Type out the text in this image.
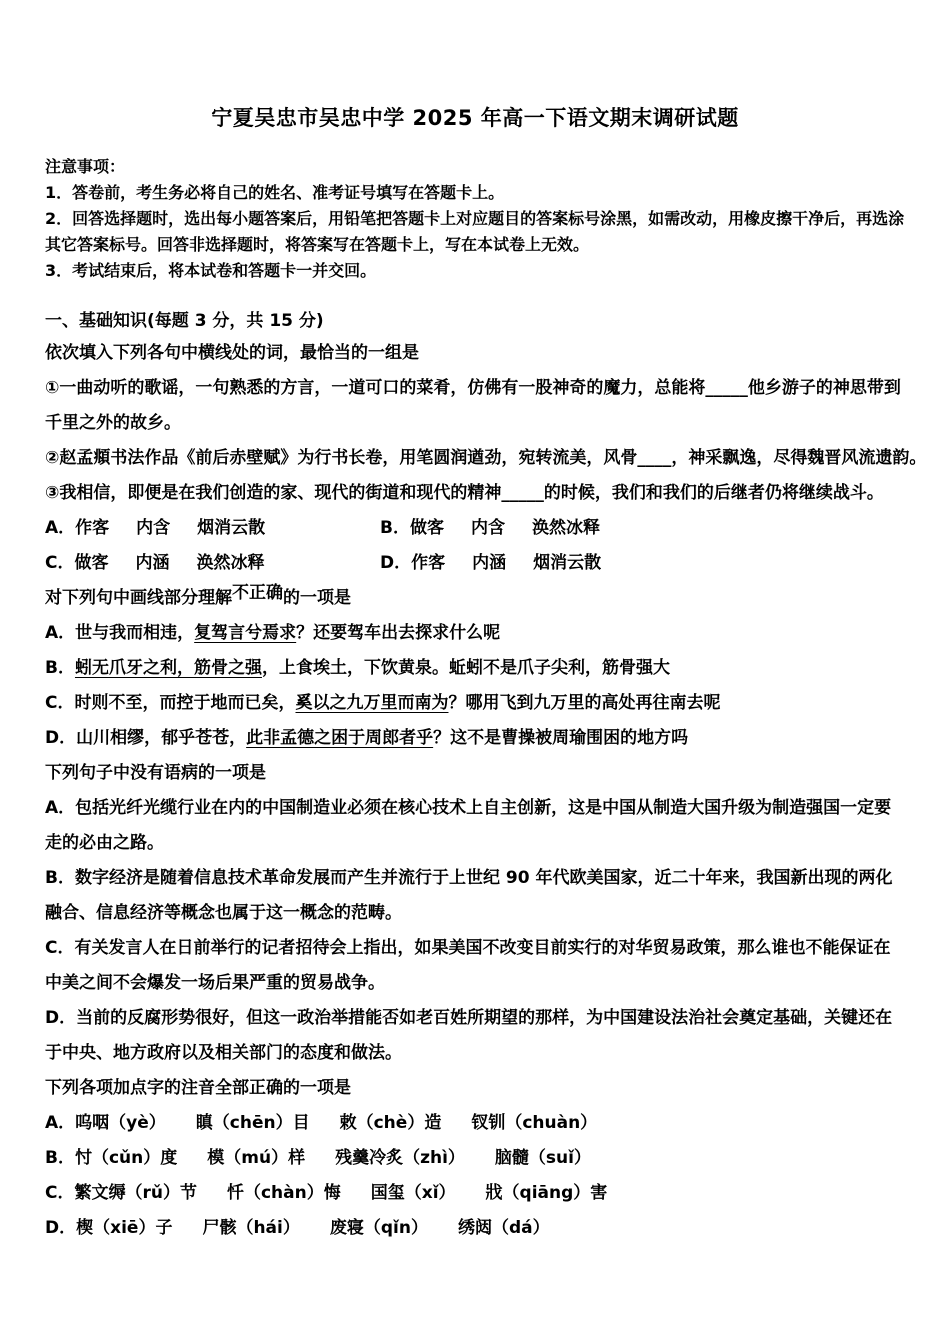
宁夏吴忠市吴忠中学 2025 年高一下语文期末调研试题

注意事项：

1．答卷前，考生务必将自己的姓名、准考证号填写在答题卡上。

2．回答选择题时，选出每小题答案后，用铅笔把答题卡上对应题目的答案标号涂黑，如需改动，用橡皮擦干净后，再选涂其它答案标号。回答非选择题时，将答案写在答题卡上，写在本试卷上无效。

3．考试结束后，将本试卷和答题卡一并交回。

一、基础知识(每题 3 分，共 15 分)

依次填入下列各句中横线处的词，最恰当的一组是

①一曲动听的歌谣，一句熟悉的方言，一道可口的菜肴，仿佛有一股神奇的魔力，总能将_____他乡游子的神思带到千里之外的故乡。

②赵孟頫书法作品《前后赤壁赋》为行书长卷，用笔圆润遒劲，宛转流美，风骨____，神采飘逸，尽得魏晋风流遗韵。

③我相信，即便是在我们创造的家、现代的街道和现代的精神_____的时候，我们和我们的后继者仍将继续战斗。

A．作客 内含 烟消云散	B．做客 内含 涣然冰释
C．做客 内涵 涣然冰释	D．作客 内涵 烟消云散

对下列句中画线部分理解不正确的一项是

A．世与我而相违，复驾言兮焉求？还要驾车出去探求什么呢

B．蚓无爪牙之利，筋骨之强，上食埃土，下饮黄泉。蚯蚓不是爪子尖利，筋骨强大

C．时则不至，而控于地而已矣，奚以之九万里而南为？哪用飞到九万里的高处再往南去呢

D．山川相缪，郁乎苍苍，此非孟德之困于周郎者乎？这不是曹操被周瑜围困的地方吗

下列句子中没有语病的一项是

A．包括光纤光缆行业在内的中国制造业必须在核心技术上自主创新，这是中国从制造大国升级为制造强国一定要走的必由之路。

B．数字经济是随着信息技术革命发展而产生并流行于上世纪 90 年代欧美国家，近二十年来，我国新出现的两化融合、信息经济等概念也属于这一概念的范畴。

C．有关发言人在日前举行的记者招待会上指出，如果美国不改变目前实行的对华贸易政策，那么谁也不能保证在中美之间不会爆发一场后果严重的贸易战争。

D．当前的反腐形势很好，但这一政治举措能否如老百姓所期望的那样，为中国建设法治社会奠定基础，关键还在于中央、地方政府以及相关部门的态度和做法。

下列各项加点字的注音全部正确的一项是

A．呜咽（yè） 瞋（chēn）目 敕（chè）造 钗钏（chuàn）

B．忖（cǔn）度 模（mú）样 残羹冷炙（zhì） 脑髓（suǐ）

C．繁文缛（rǔ）节 忏（chàn）悔 国玺（xǐ） 戕（qiāng）害

D．楔（xiē）子 尸骸（hái） 废寝（qǐn） 绣闼（dá）
